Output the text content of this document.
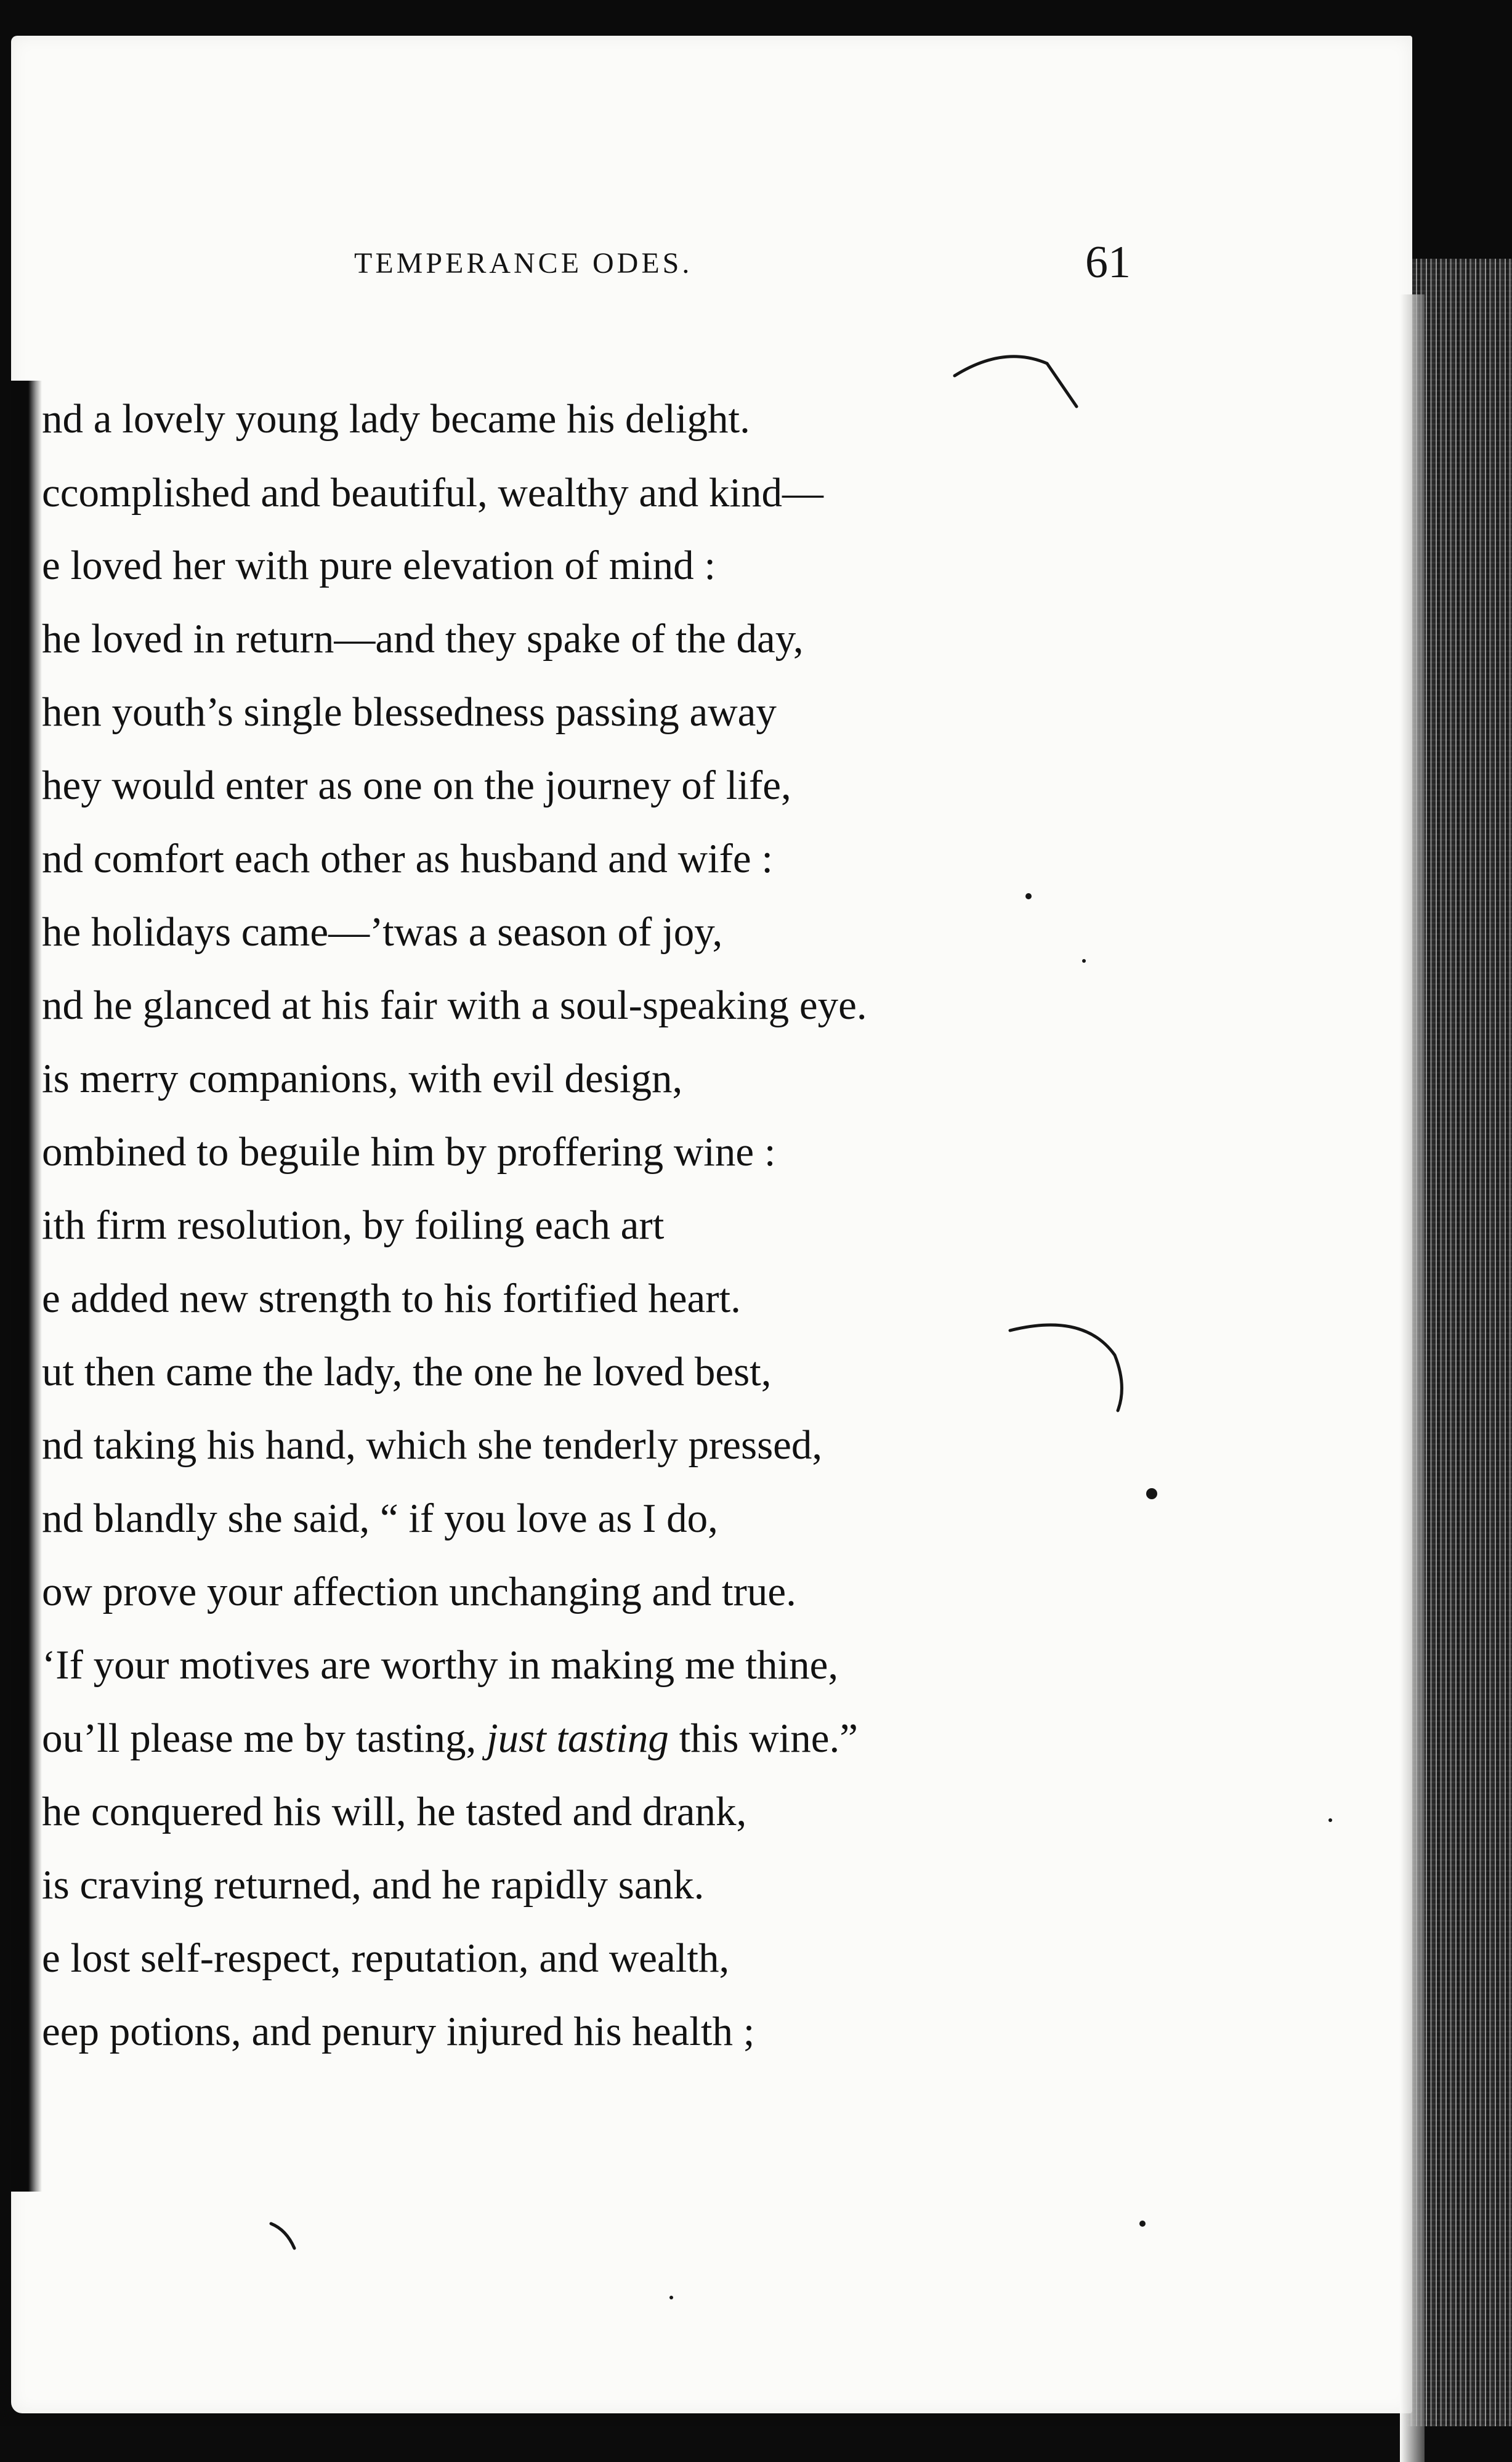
TEMPERANCE ODES.	61
nd a lovely young lady became his delight.
ccomplished and beautiful, wealthy and kind—
e loved her with pure elevation of mind :
he loved in return—and they spake of the day,
hen youth’s single blessedness passing away
hey would enter as one on the journey of life,
nd comfort each other as husband and wife :
he holidays came—’twas a season of joy,
nd he glanced at his fair with a soul-speaking eye.
is merry companions, with evil design,
ombined to beguile him by proffering wine :
ith firm resolution, by foiling each art
e added new strength to his fortified heart.
ut then came the lady, the one he loved best,
nd taking his hand, which she tenderly pressed,
nd blandly she said, “ if you love as I do,
ow prove your affection unchanging and true.
‘If your motives are worthy in making me thine,
ou’ll please me by tasting, just tasting this wine.”
he conquered his will, he tasted and drank,
is craving returned, and he rapidly sank.
e lost self-respect, reputation, and wealth,
eep potions, and penury injured his health ;
